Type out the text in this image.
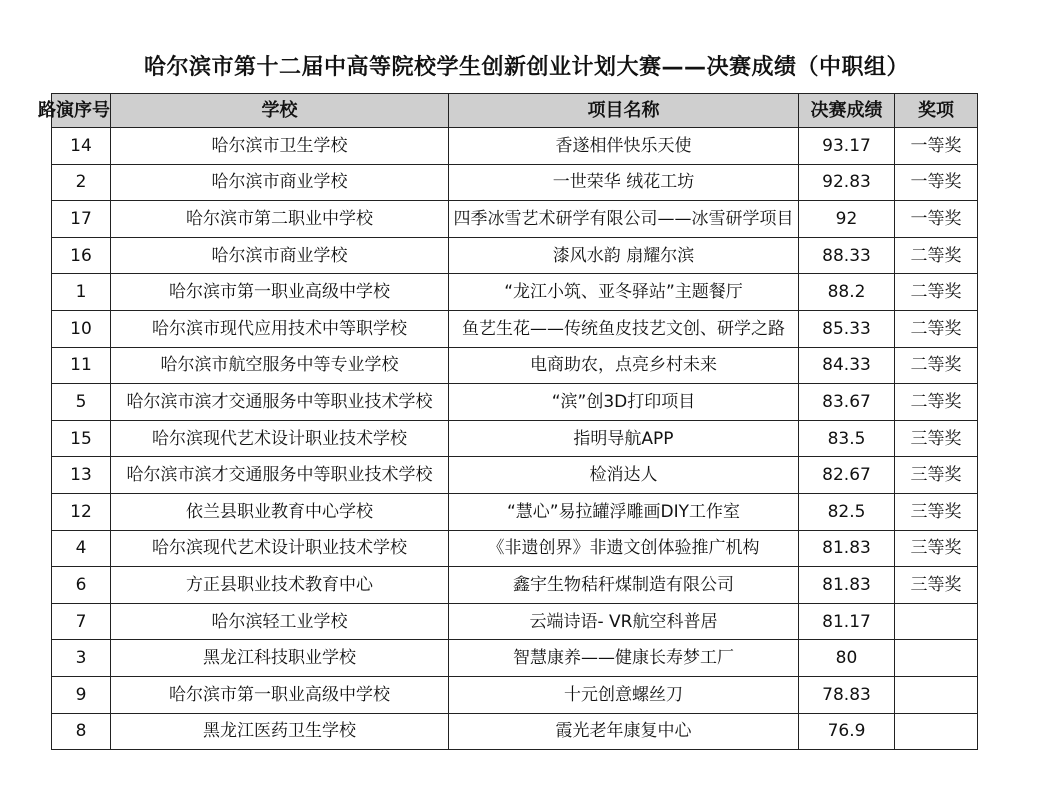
哈尔滨市第十二届中高等院校学生创新创业计划大赛——决赛成绩（中职组）
路演序号	学校	项目名称	决赛成绩	奖项
14	哈尔滨市卫生学校	香遂相伴快乐天使	93.17	一等奖
2	哈尔滨市商业学校	一世荣华 绒花工坊	92.83	一等奖
17	哈尔滨市第二职业中学校	四季冰雪艺术研学有限公司——冰雪研学项目	92	一等奖
16	哈尔滨市商业学校	漆风水韵 扇耀尔滨	88.33	二等奖
1	哈尔滨市第一职业高级中学校	“龙江小筑、亚冬驿站”主题餐厅	88.2	二等奖
10	哈尔滨市现代应用技术中等职学校	鱼艺生花——传统鱼皮技艺文创、研学之路	85.33	二等奖
11	哈尔滨市航空服务中等专业学校	电商助农，点亮乡村未来	84.33	二等奖
5	哈尔滨市滨才交通服务中等职业技术学校	“滨”创3D打印项目	83.67	二等奖
15	哈尔滨现代艺术设计职业技术学校	指明导航APP	83.5	三等奖
13	哈尔滨市滨才交通服务中等职业技术学校	检消达人	82.67	三等奖
12	依兰县职业教育中心学校	“慧心”易拉罐浮雕画DIY工作室	82.5	三等奖
4	哈尔滨现代艺术设计职业技术学校	《非遗创界》非遗文创体验推广机构	81.83	三等奖
6	方正县职业技术教育中心	鑫宇生物秸秆煤制造有限公司	81.83	三等奖
7	哈尔滨轻工业学校	云端诗语- VR航空科普居	81.17	
3	黑龙江科技职业学校	智慧康养——健康长寿梦工厂	80	
9	哈尔滨市第一职业高级中学校	十元创意螺丝刀	78.83	
8	黑龙江医药卫生学校	霞光老年康复中心	76.9	
